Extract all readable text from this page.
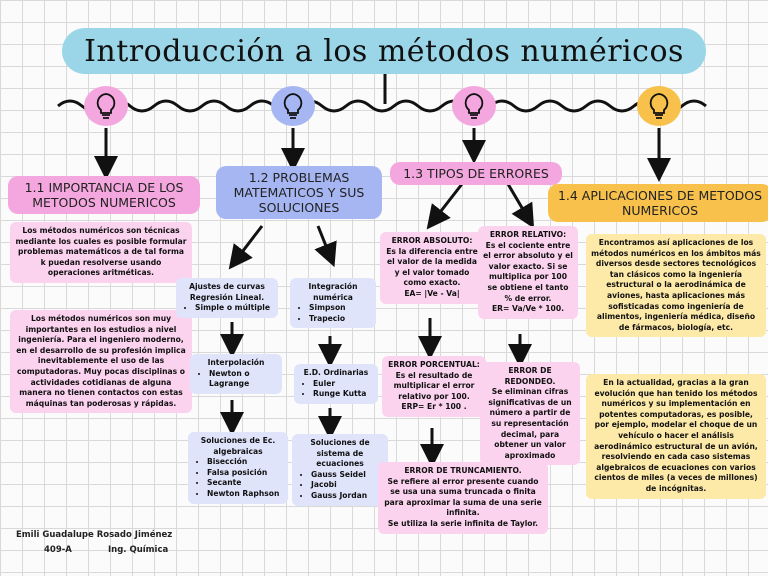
Introducción a los métodos numéricos
1.1 IMPORTANCIA DE LOS METODOS NUMERICOS
Los métodos numéricos son técnicas mediante los cuales es posible formular problemas matemáticos a de tal forma k puedan resolverse usando operaciones aritméticas.
Los métodos numéricos son muy importantes en los estudios a nivel ingeniería. Para el ingeniero moderno, en el desarrollo de su profesión implica inevitablemente el uso de las computadoras. Muy pocas disciplinas o actividades cotidianas de alguna manera no tienen contactos con estas máquinas tan poderosas y rápidas.
1.2 PROBLEMAS MATEMATICOS Y SUS SOLUCIONES
Ajustes de curvas Regresión Lineal.
• Simple o múltiple
Interpolación
• Newton o Lagrange
Soluciones de Ec. algebraicas
• Bisección
• Falsa posición
• Secante
• Newton Raphson
Integración numérica
• Simpson
• Trapecio
E.D. Ordinarias
• Euler
• Runge Kutta
Soluciones de sistema de ecuaciones
• Gauss Seidel
• Jacobi
• Gauss Jordan
1.3 TIPOS DE ERRORES
ERROR ABSOLUTO:
Es la diferencia entre el valor de la medida y el valor tomado como exacto.
EA= |Ve - Va|
ERROR RELATIVO:
Es el cociente entre el error absoluto y el valor exacto. Si se multiplica por 100 se obtiene el tanto % de error.
ER= Va/Ve * 100.
ERROR PORCENTUAL:
Es el resultado de multiplicar el error relativo por 100.
ERP= Er * 100 .
ERROR DE REDONDEO.
Se eliminan cifras significativas de un número a partir de su representación decimal, para obtener un valor aproximado
ERROR DE TRUNCAMIENTO.
Se refiere al error presente cuando se usa una suma truncada o finita para aproximar la suma de una serie infinita.
Se utiliza la serie infinita de Taylor.
1.4 APLICACIONES DE METODOS NUMERICOS
Encontramos así aplicaciones de los métodos numéricos en los ámbitos más diversos desde sectores tecnológicos tan clásicos como la ingeniería estructural o la aerodinámica de aviones, hasta aplicaciones más sofisticadas como ingeniería de alimentos, ingeniería médica, diseño de fármacos, biología, etc.
En la actualidad, gracias a la gran evolución que han tenido los métodos numéricos y su implementación en potentes computadoras, es posible, por ejemplo, modelar el choque de un vehículo o hacer el análisis aerodinámico estructural de un avión, resolviendo en cada caso sistemas algebraicos de ecuaciones con varios cientos de miles (a veces de millones) de incógnitas.
Emili Guadalupe Rosado Jiménez
409-A	Ing. Química
